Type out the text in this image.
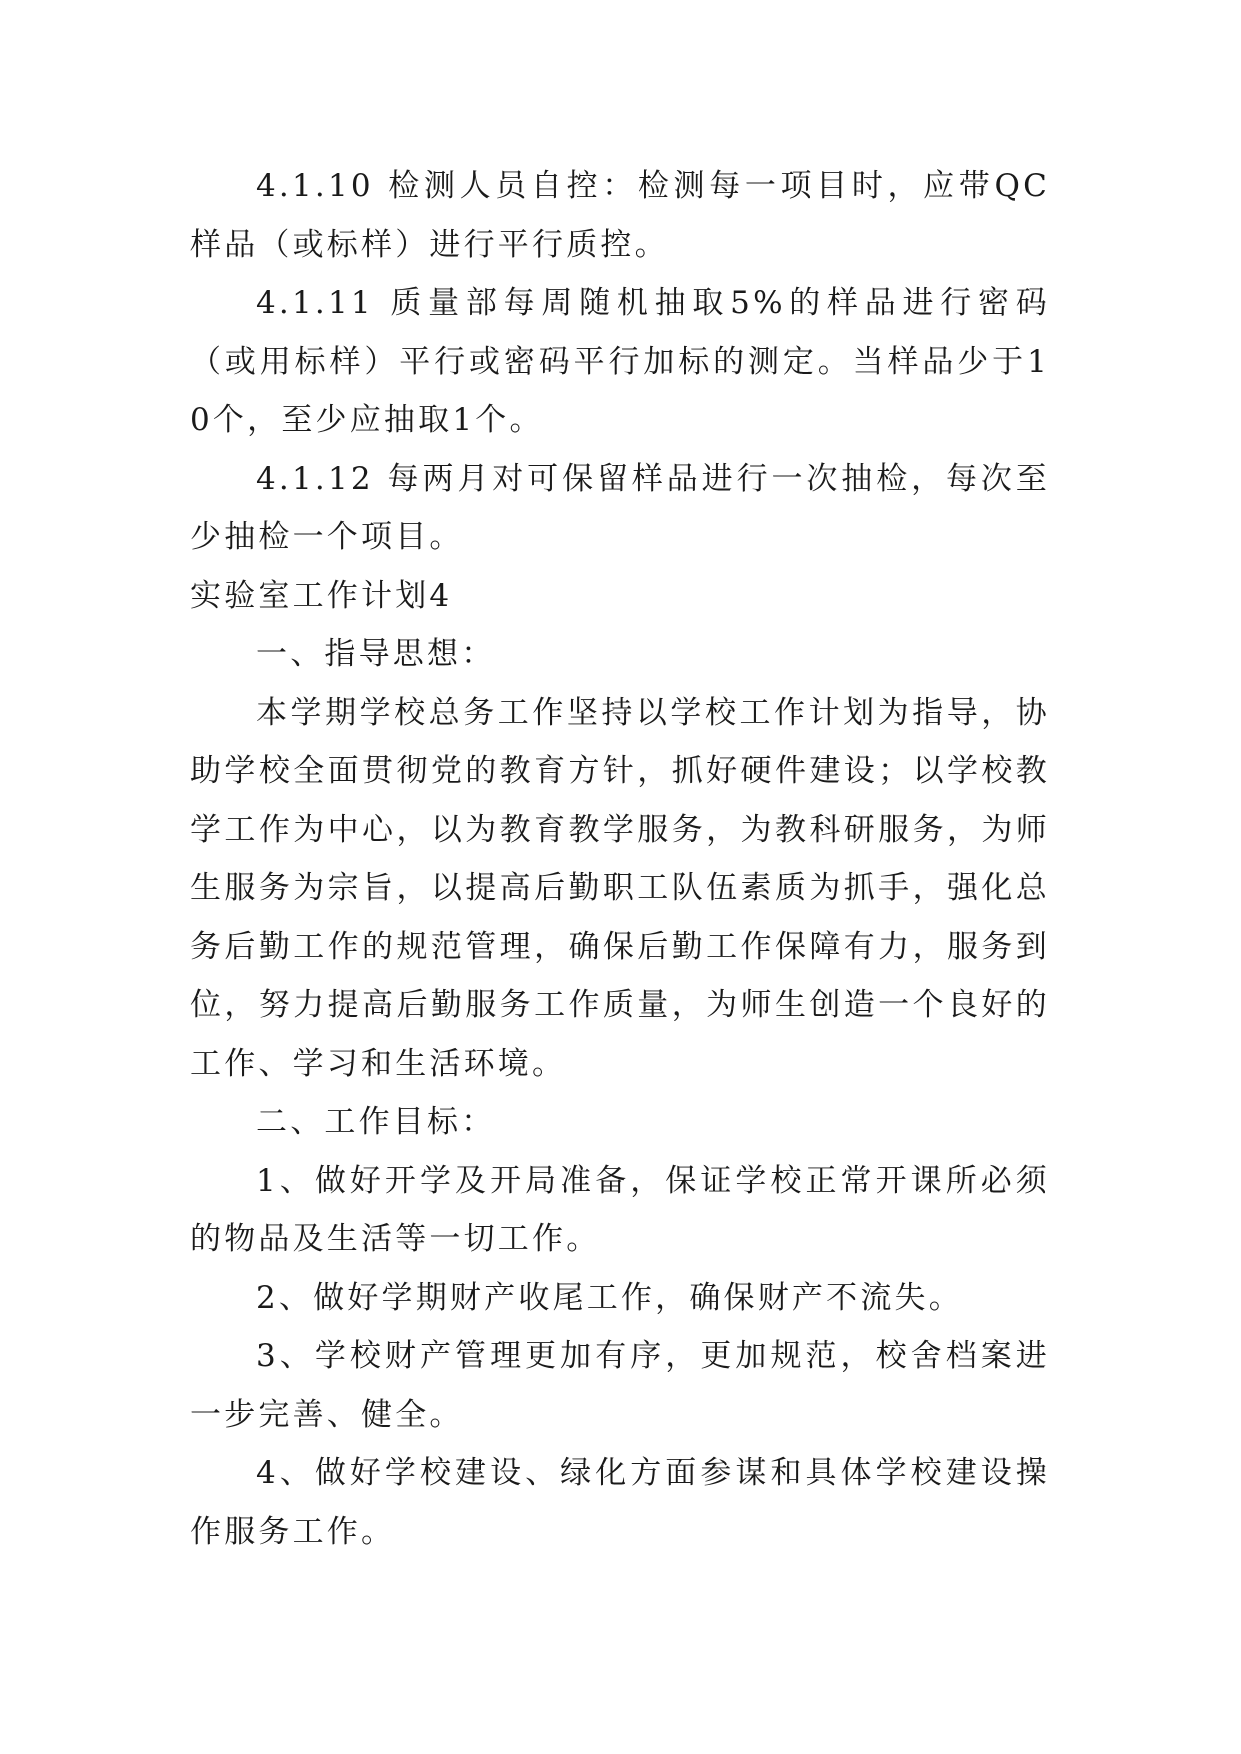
4.1.10 检测人员自控：检测每一项目时，应带QC样品（或标样）进行平行质控。

4.1.11 质量部每周随机抽取5%的样品进行密码（或用标样）平行或密码平行加标的测定。当样品少于10个，至少应抽取1个。

4.1.12 每两月对可保留样品进行一次抽检，每次至少抽检一个项目。

实验室工作计划4

一、指导思想：

本学期学校总务工作坚持以学校工作计划为指导，协助学校全面贯彻党的教育方针，抓好硬件建设；以学校教学工作为中心，以为教育教学服务，为教科研服务，为师生服务为宗旨，以提高后勤职工队伍素质为抓手，强化总务后勤工作的规范管理，确保后勤工作保障有力，服务到位，努力提高后勤服务工作质量，为师生创造一个良好的工作、学习和生活环境。

二、工作目标：

1、做好开学及开局准备，保证学校正常开课所必须的物品及生活等一切工作。

2、做好学期财产收尾工作，确保财产不流失。

3、学校财产管理更加有序，更加规范，校舍档案进一步完善、健全。

4、做好学校建设、绿化方面参谋和具体学校建设操作服务工作。
